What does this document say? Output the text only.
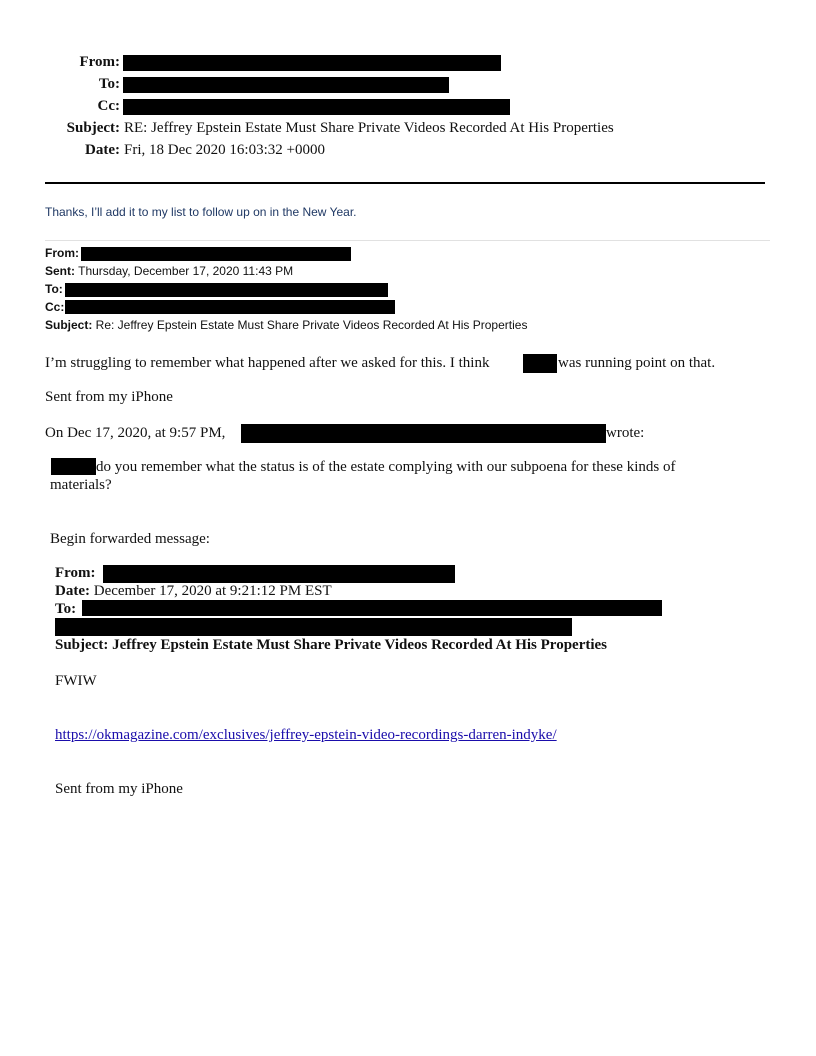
From:
To:
Cc:
Subject: RE: Jeffrey Epstein Estate Must Share Private Videos Recorded At His Properties
Date: Fri, 18 Dec 2020 16:03:32 +0000
Thanks, I’ll add it to my list to follow up on in the New Year.
From:
Sent: Thursday, December 17, 2020 11:43 PM
To:
Cc:
Subject: Re: Jeffrey Epstein Estate Must Share Private Videos Recorded At His Properties
I’m struggling to remember what happened after we asked for this. I think	was running point on that.
Sent from my iPhone
On Dec 17, 2020, at 9:57 PM,	wrote:
do you remember what the status is of the estate complying with our subpoena for these kinds of
materials?
Begin forwarded message:
From:
Date: December 17, 2020 at 9:21:12 PM EST
To:
Subject: Jeffrey Epstein Estate Must Share Private Videos Recorded At His Properties
FWIW
https://okmagazine.com/exclusives/jeffrey-epstein-video-recordings-darren-indyke/
Sent from my iPhone
